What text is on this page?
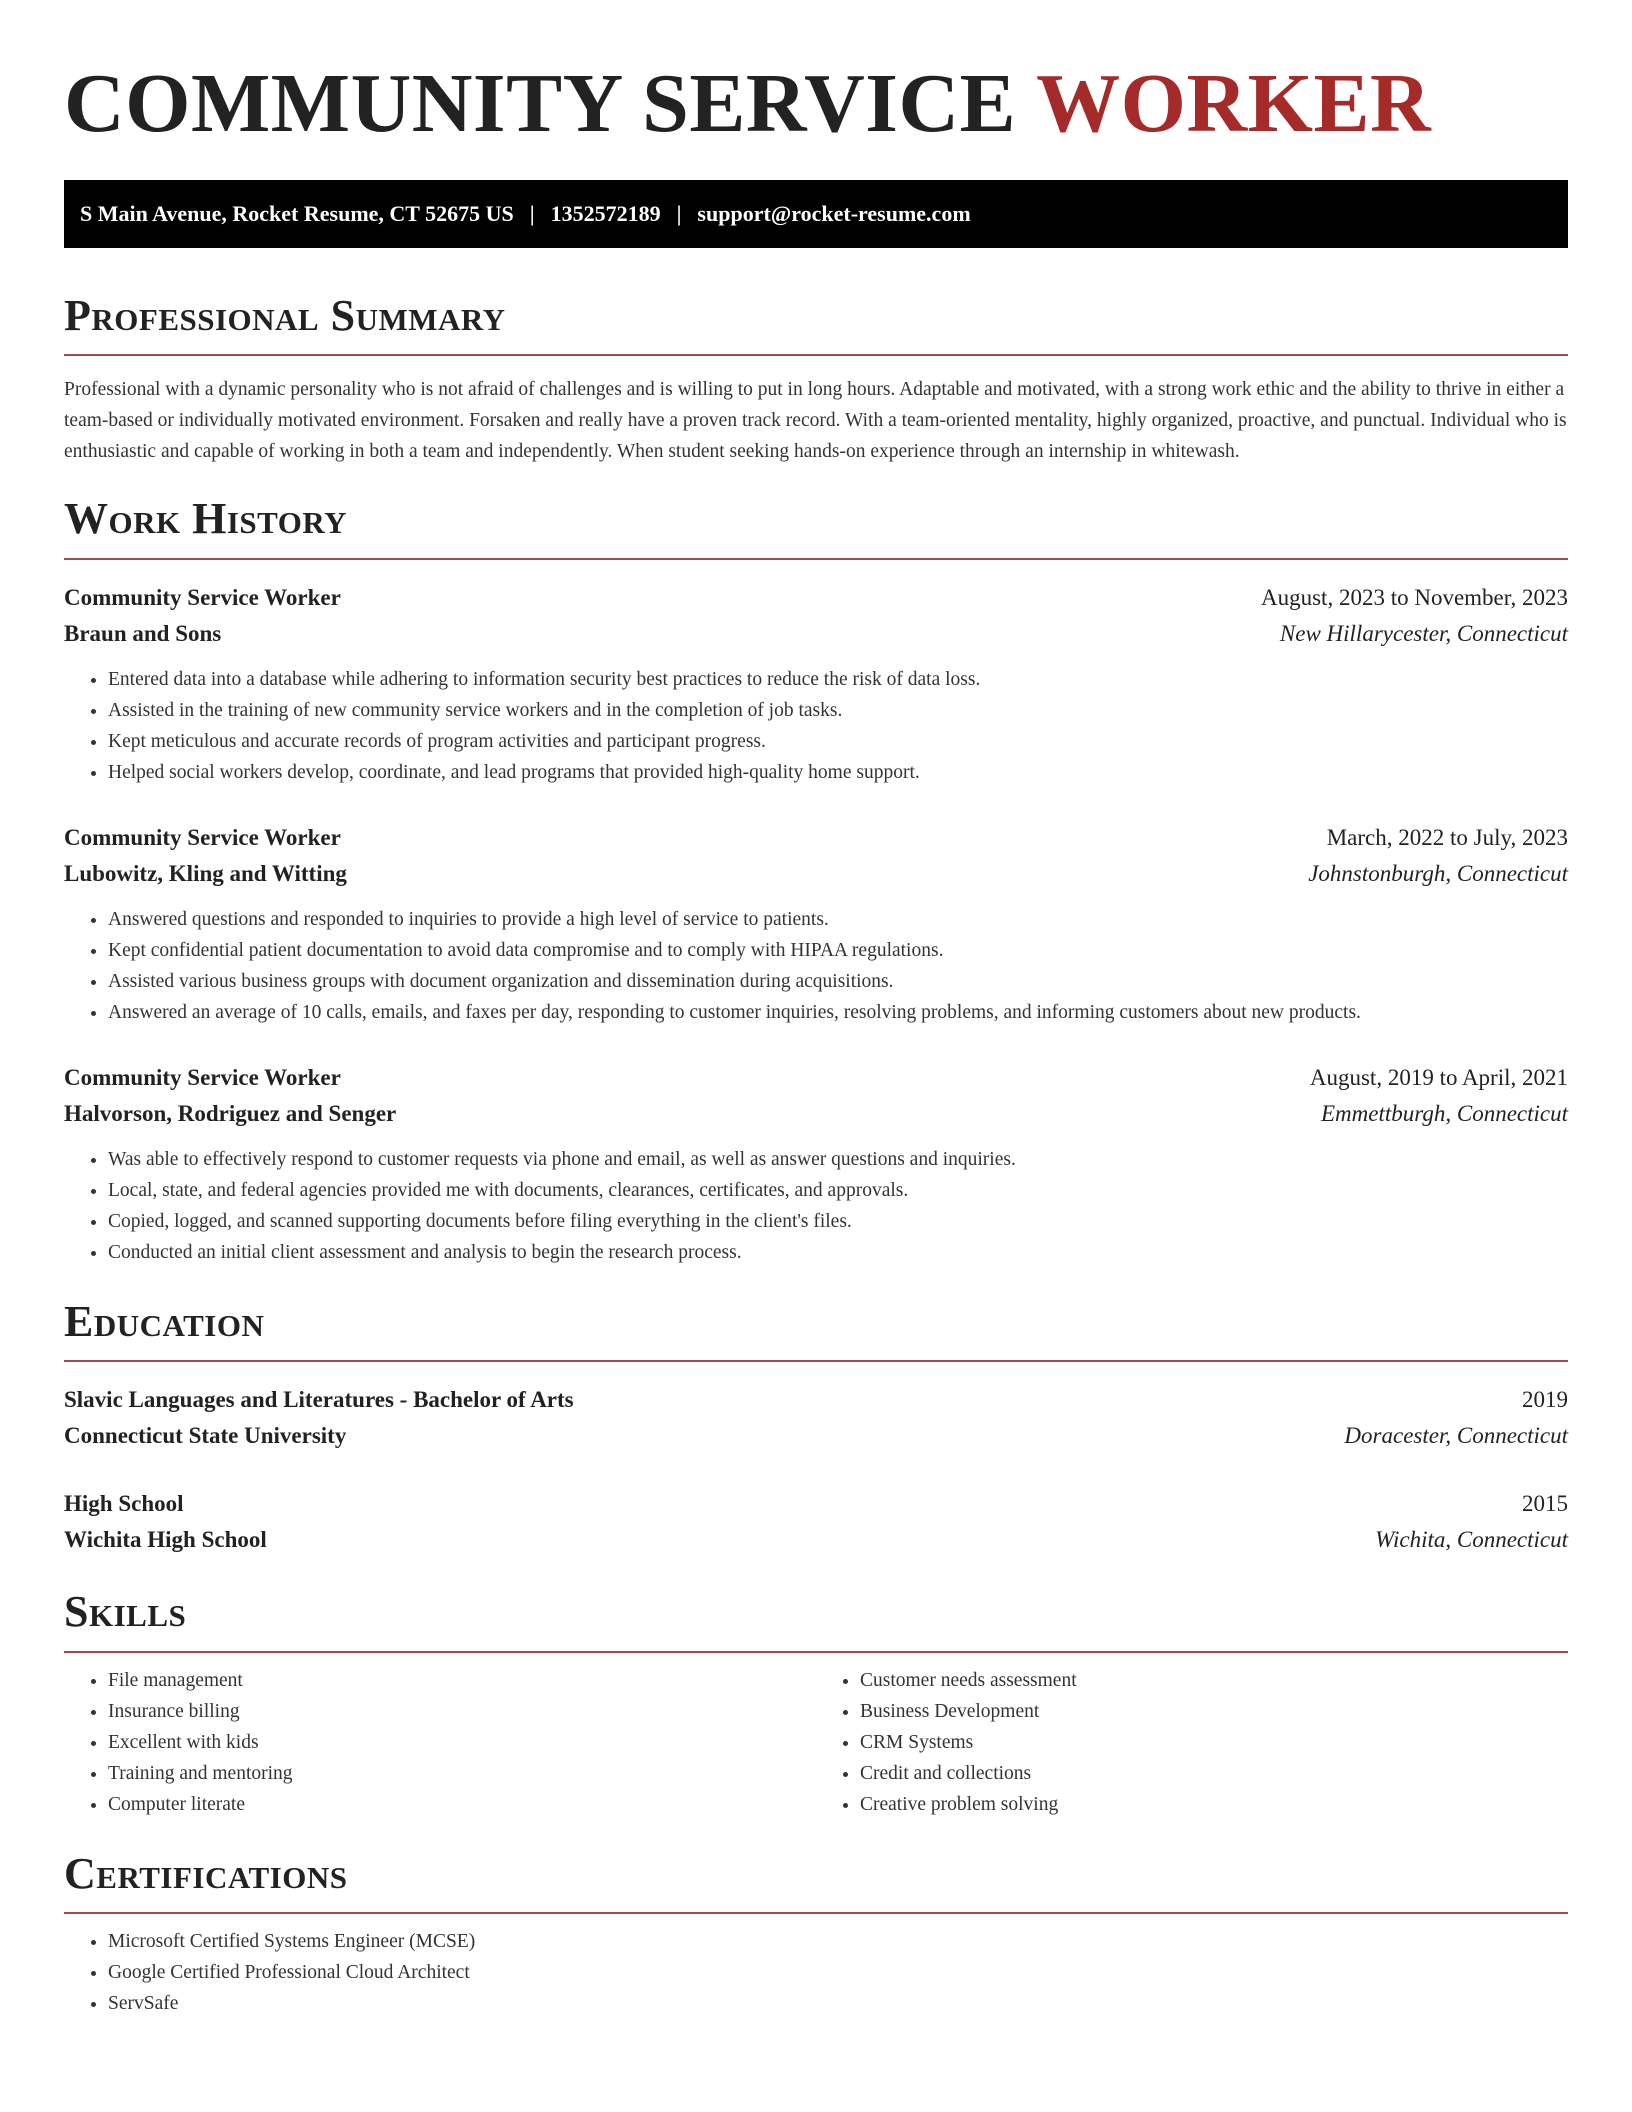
COMMUNITY SERVICE WORKER
S Main Avenue, Rocket Resume, CT 52675 US | 1352572189 | support@rocket-resume.com
Professional Summary

Professional with a dynamic personality who is not afraid of challenges and is willing to put in long hours. Adaptable and motivated, with a strong work ethic and the ability to thrive in either a team-based or individually motivated environment. Forsaken and really have a proven track record. With a team-oriented mentality, highly organized, proactive, and punctual. Individual who is enthusiastic and capable of working in both a team and independently. When student seeking hands-on experience through an internship in whitewash.

Work History
Community Service Worker	August, 2023 to November, 2023
Braun and Sons	New Hillarycester, Connecticut
• Entered data into a database while adhering to information security best practices to reduce the risk of data loss.
• Assisted in the training of new community service workers and in the completion of job tasks.
• Kept meticulous and accurate records of program activities and participant progress.
• Helped social workers develop, coordinate, and lead programs that provided high-quality home support.
Community Service Worker	March, 2022 to July, 2023
Lubowitz, Kling and Witting	Johnstonburgh, Connecticut
• Answered questions and responded to inquiries to provide a high level of service to patients.
• Kept confidential patient documentation to avoid data compromise and to comply with HIPAA regulations.
• Assisted various business groups with document organization and dissemination during acquisitions.
• Answered an average of 10 calls, emails, and faxes per day, responding to customer inquiries, resolving problems, and informing customers about new products.
Community Service Worker	August, 2019 to April, 2021
Halvorson, Rodriguez and Senger	Emmettburgh, Connecticut
• Was able to effectively respond to customer requests via phone and email, as well as answer questions and inquiries.
• Local, state, and federal agencies provided me with documents, clearances, certificates, and approvals.
• Copied, logged, and scanned supporting documents before filing everything in the client's files.
• Conducted an initial client assessment and analysis to begin the research process.
Education
Slavic Languages and Literatures - Bachelor of Arts	2019
Connecticut State University	Doracester, Connecticut
High School	2015
Wichita High School	Wichita, Connecticut
Skills
• File management
• Insurance billing
• Excellent with kids
• Training and mentoring
• Computer literate
• Customer needs assessment
• Business Development
• CRM Systems
• Credit and collections
• Creative problem solving
Certifications
• Microsoft Certified Systems Engineer (MCSE)
• Google Certified Professional Cloud Architect
• ServSafe
